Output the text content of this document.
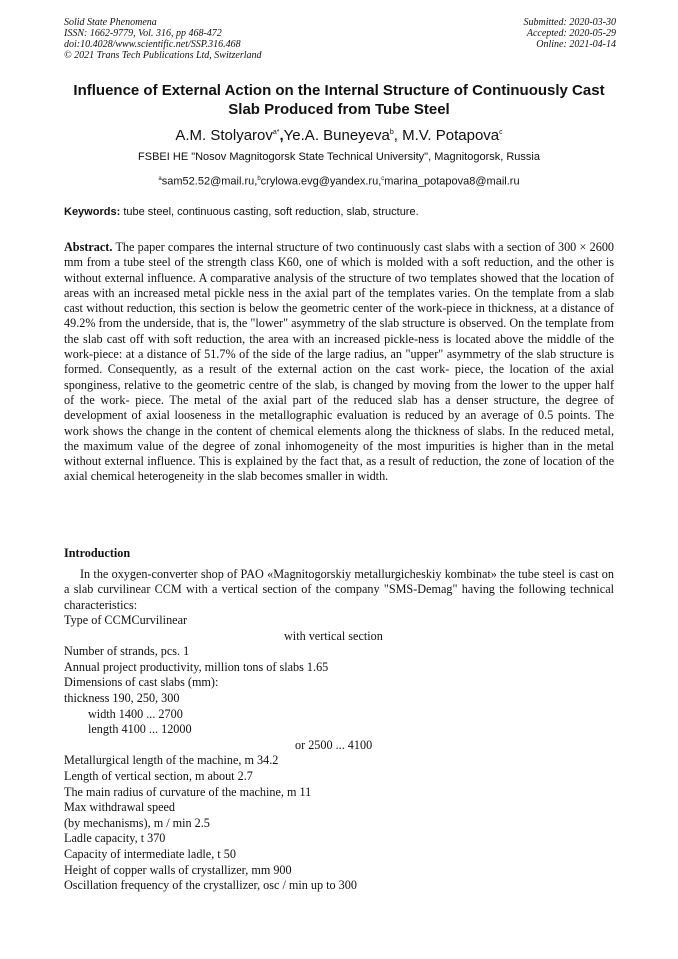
Solid State Phenomena
ISSN: 1662-9779, Vol. 316, pp 468-472
doi:10.4028/www.scientific.net/SSP.316.468
© 2021 Trans Tech Publications Ltd, Switzerland
Submitted: 2020-03-30
Accepted: 2020-05-29
Online: 2021-04-14
Influence of External Action on the Internal Structure of Continuously Cast Slab Produced from Tube Steel
A.M. Stolyarov$^{a*}$,Ye.A. Buneyeva$^b$, M.V. Potapova$^c$
FSBEI HE "Nosov Magnitogorsk State Technical University", Magnitogorsk, Russia
$^a$sam52.52@mail.ru,$^b$crylowa.evg@yandex.ru,$^c$marina_potapova8@mail.ru
Keywords: tube steel, continuous casting, soft reduction, slab, structure.
Abstract. The paper compares the internal structure of two continuously cast slabs with a section of 300 × 2600 mm from a tube steel of the strength class K60, one of which is molded with a soft reduction, and the other is without external influence. A comparative analysis of the structure of two templates showed that the location of areas with an increased metal pickle ness in the axial part of the templates varies. On the template from a slab cast without reduction, this section is below the geometric center of the work-piece in thickness, at a distance of 49.2% from the underside, that is, the "lower" asymmetry of the slab structure is observed. On the template from the slab cast off with soft reduction, the area with an increased pickle-ness is located above the middle of the work-piece: at a distance of 51.7% of the side of the large radius, an "upper" asymmetry of the slab structure is formed. Consequently, as a result of the external action on the cast work- piece, the location of the axial sponginess, relative to the geometric centre of the slab, is changed by moving from the lower to the upper half of the work- piece. The metal of the axial part of the reduced slab has a denser structure, the degree of development of axial looseness in the metallographic evaluation is reduced by an average of 0.5 points. The work shows the change in the content of chemical elements along the thickness of slabs. In the reduced metal, the maximum value of the degree of zonal inhomogeneity of the most impurities is higher than in the metal without external influence. This is explained by the fact that, as a result of reduction, the zone of location of the axial chemical heterogeneity in the slab becomes smaller in width.
Introduction
In the oxygen-converter shop of PAO «Magnitogorskiy metallurgicheskiy kombinat» the tube steel is cast on a slab curvilinear CCM with a vertical section of the company "SMS-Demag" having the following technical characteristics:
Type of CCMCurvilinear
with vertical section
Number of strands, pcs. 1
Annual project productivity, million tons of slabs 1.65
Dimensions of cast slabs (mm):
thickness 190, 250, 300
width 1400 ... 2700
length 4100 ... 12000
or 2500 ... 4100
Metallurgical length of the machine, m 34.2
Length of vertical section, m about 2.7
The main radius of curvature of the machine, m 11
Max withdrawal speed
(by mechanisms), m / min 2.5
Ladle capacity, t 370
Capacity of intermediate ladle, t 50
Height of copper walls of crystallizer, mm 900
Oscillation frequency of the crystallizer, osc / min up to 300
